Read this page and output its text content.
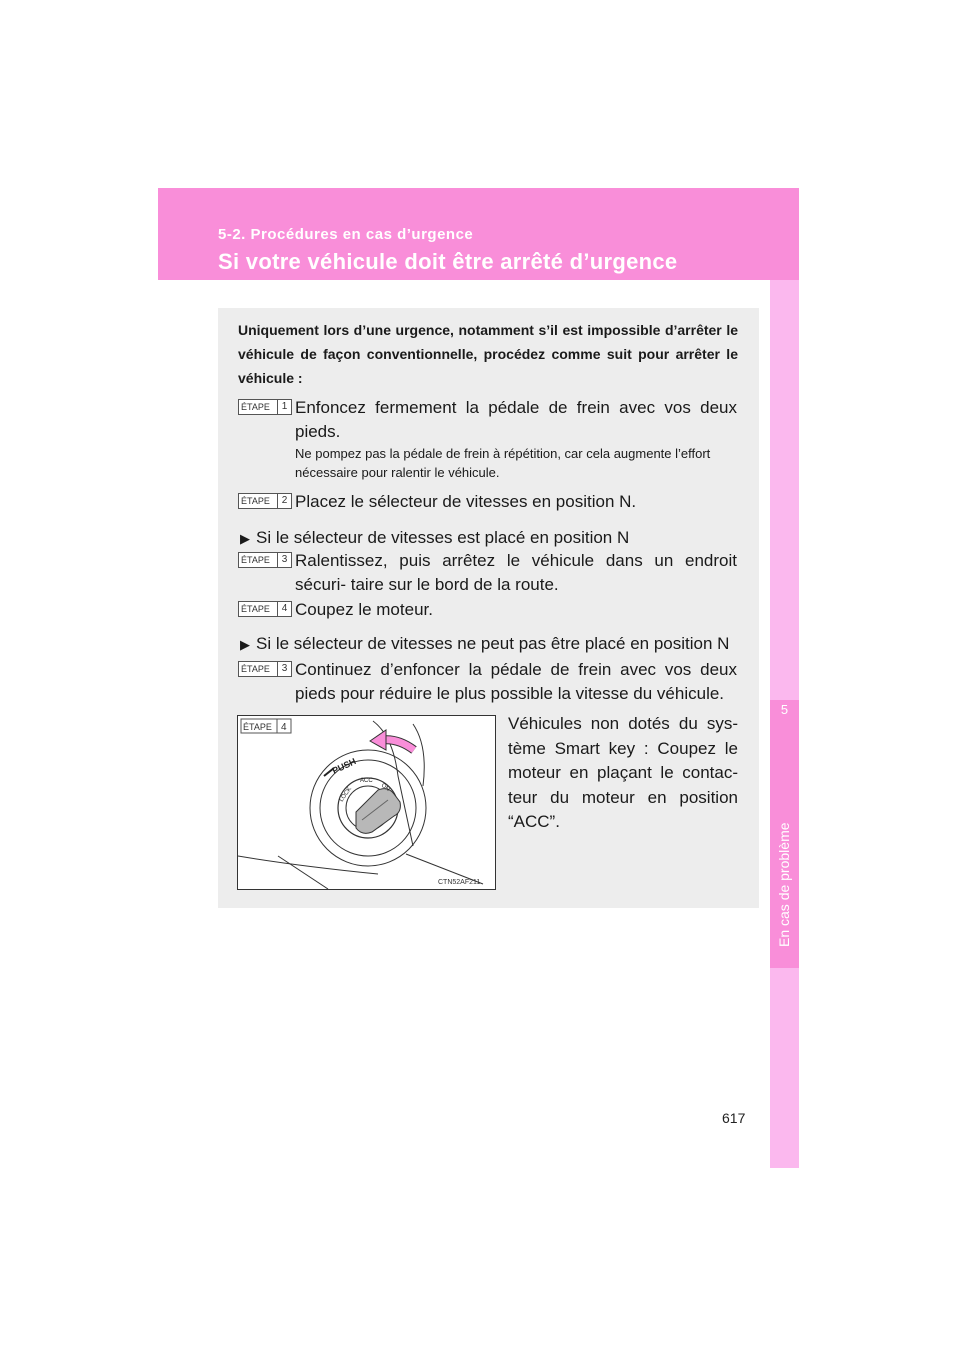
5-2. Procédures en cas d’urgence
Si votre véhicule doit être arrêté d’urgence
5
En cas de problème
Uniquement lors d’une urgence, notamment s’il est impossible d’arrêter le véhicule de façon conventionnelle, procédez comme suit pour arrêter le véhicule :
ÉTAPE	1 Enfoncez fermement la pédale de frein avec vos deux pieds.
Ne pompez pas la pédale de frein à répétition, car cela augmente l’effort nécessaire pour ralentir le véhicule.
ÉTAPE	2 Placez le sélecteur de vitesses en position N.
▶ Si le sélecteur de vitesses est placé en position N
ÉTAPE	3 Ralentissez, puis arrêtez le véhicule dans un endroit sécuri- taire sur le bord de la route.
ÉTAPE	4 Coupez le moteur.
▶ Si le sélecteur de vitesses ne peut pas être placé en position N
ÉTAPE	3 Continuez d’enfoncer la pédale de frein avec vos deux pieds pour réduire le plus possible la vitesse du véhicule.
ÉTAPE 4
PUSH
LOCK
ACC
ON
CTN52AF211
Véhicules non dotés du sys- tème Smart key : Coupez le moteur en plaçant le contac- teur du moteur en position “ACC”.
617
